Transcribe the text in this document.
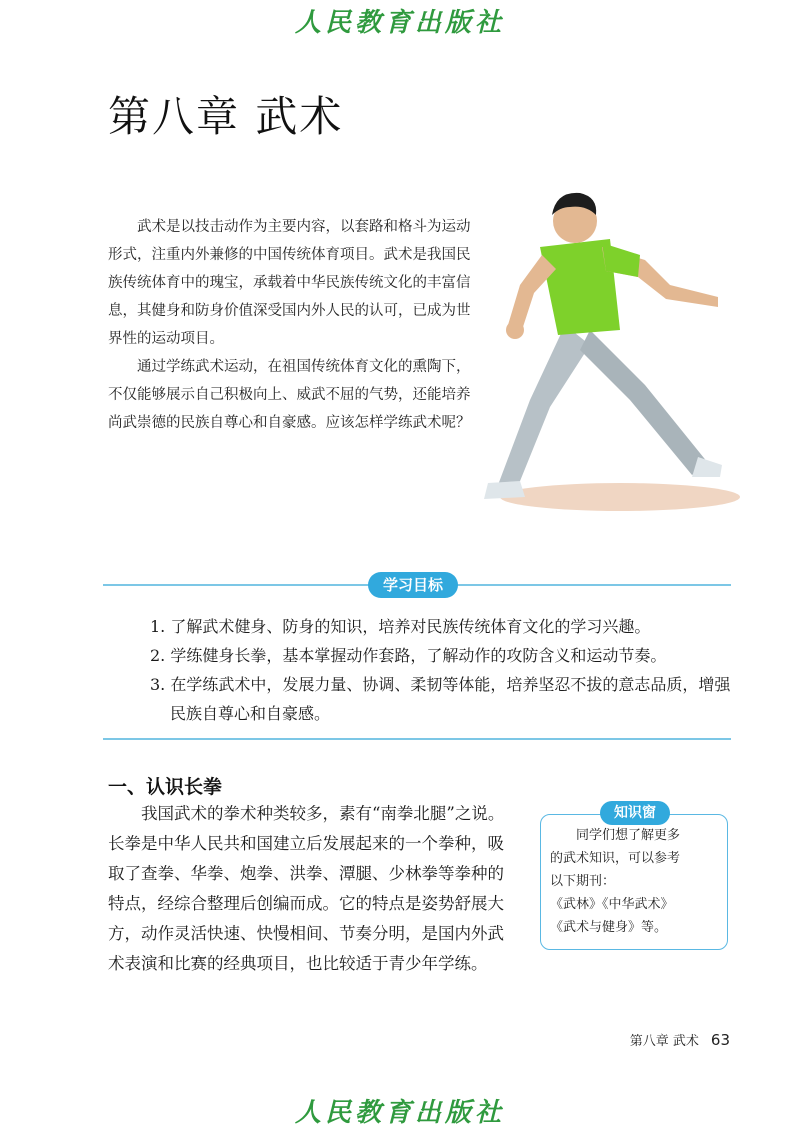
人民教育出版社
第八章 武术

武术是以技击动作为主要内容，以套路和格斗为运动形式，注重内外兼修的中国传统体育项目。武术是我国民族传统体育中的瑰宝，承载着中华民族传统文化的丰富信息，其健身和防身价值深受国内外人民的认可，已成为世界性的运动项目。

通过学练武术运动，在祖国传统体育文化的熏陶下，不仅能够展示自己积极向上、威武不屈的气势，还能培养尚武崇德的民族自尊心和自豪感。应该怎样学练武术呢？

学习目标
1. 了解武术健身、防身的知识，培养对民族传统体育文化的学习兴趣。
2. 学练健身长拳，基本掌握动作套路，了解动作的攻防含义和运动节奏。
3. 在学练武术中，发展力量、协调、柔韧等体能，培养坚忍不拔的意志品质，增强民族自尊心和自豪感。
一、认识长拳

我国武术的拳术种类较多，素有“南拳北腿”之说。长拳是中华人民共和国建立后发展起来的一个拳种，吸取了查拳、华拳、炮拳、洪拳、潭腿、少林拳等拳种的特点，经综合整理后创编而成。它的特点是姿势舒展大方，动作灵活快速、快慢相间、节奏分明，是国内外武术表演和比赛的经典项目，也比较适于青少年学练。

知识窗

同学们想了解更多

的武术知识，可以参考

以下期刊：

《武林》《中华武术》

《武术与健身》等。

第八章 武术 63
人民教育出版社
